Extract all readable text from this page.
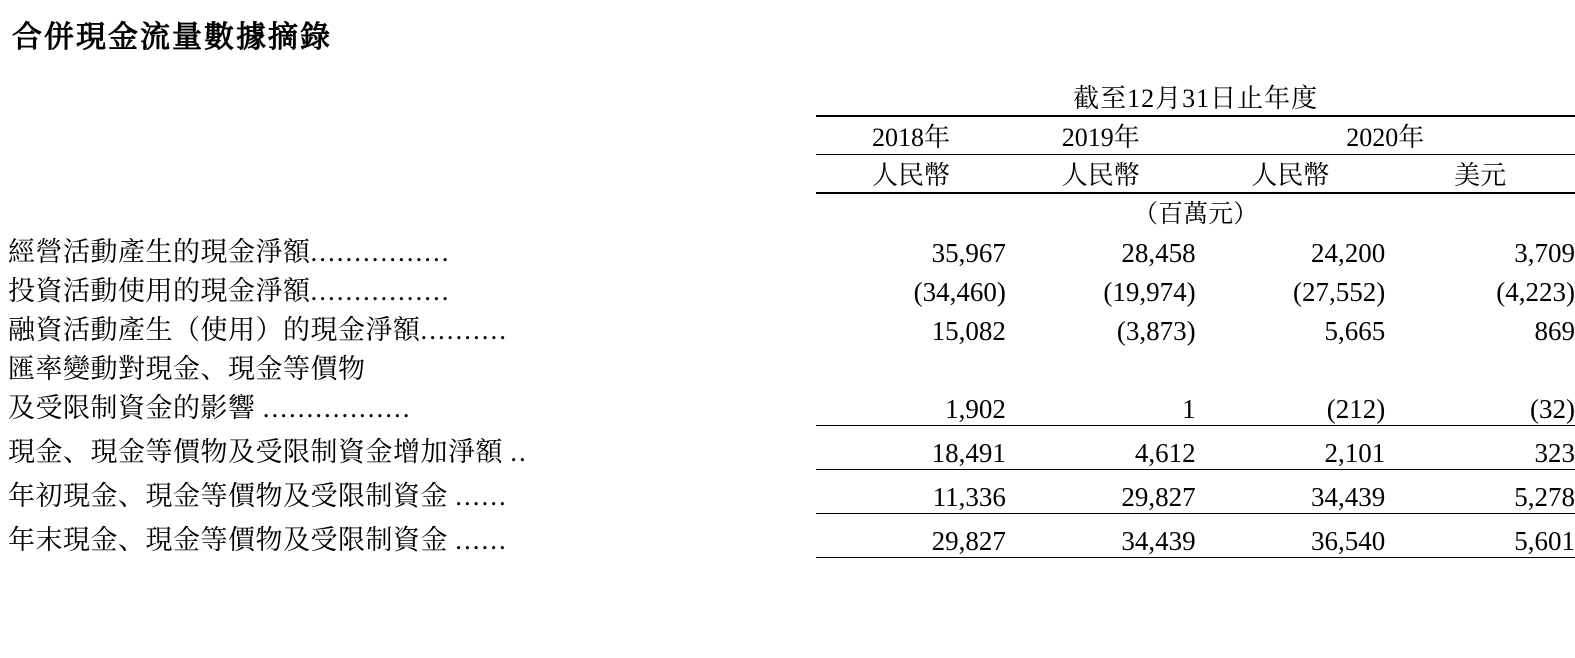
合併現金流量數據摘錄
		截至12月31日止年度			
		2018年	2019年	2020年	
		人民幣	人民幣	人民幣	美元
		（百萬元）			
經營活動產生的現金淨額................		35,967	28,458	24,200	3,709
投資活動使用的現金淨額................		(34,460)	(19,974)	(27,552)	(4,223)
融資活動產生（使用）的現金淨額..........		15,082	(3,873)	5,665	869
匯率變動對現金、現金等價物					
及受限制資金的影響 .................		1,902	1	(212)	(32)
現金、現金等價物及受限制資金增加淨額 ..		18,491	4,612	2,101	323
年初現金、現金等價物及受限制資金 ......		11,336	29,827	34,439	5,278
年末現金、現金等價物及受限制資金 ......		29,827	34,439	36,540	5,601
